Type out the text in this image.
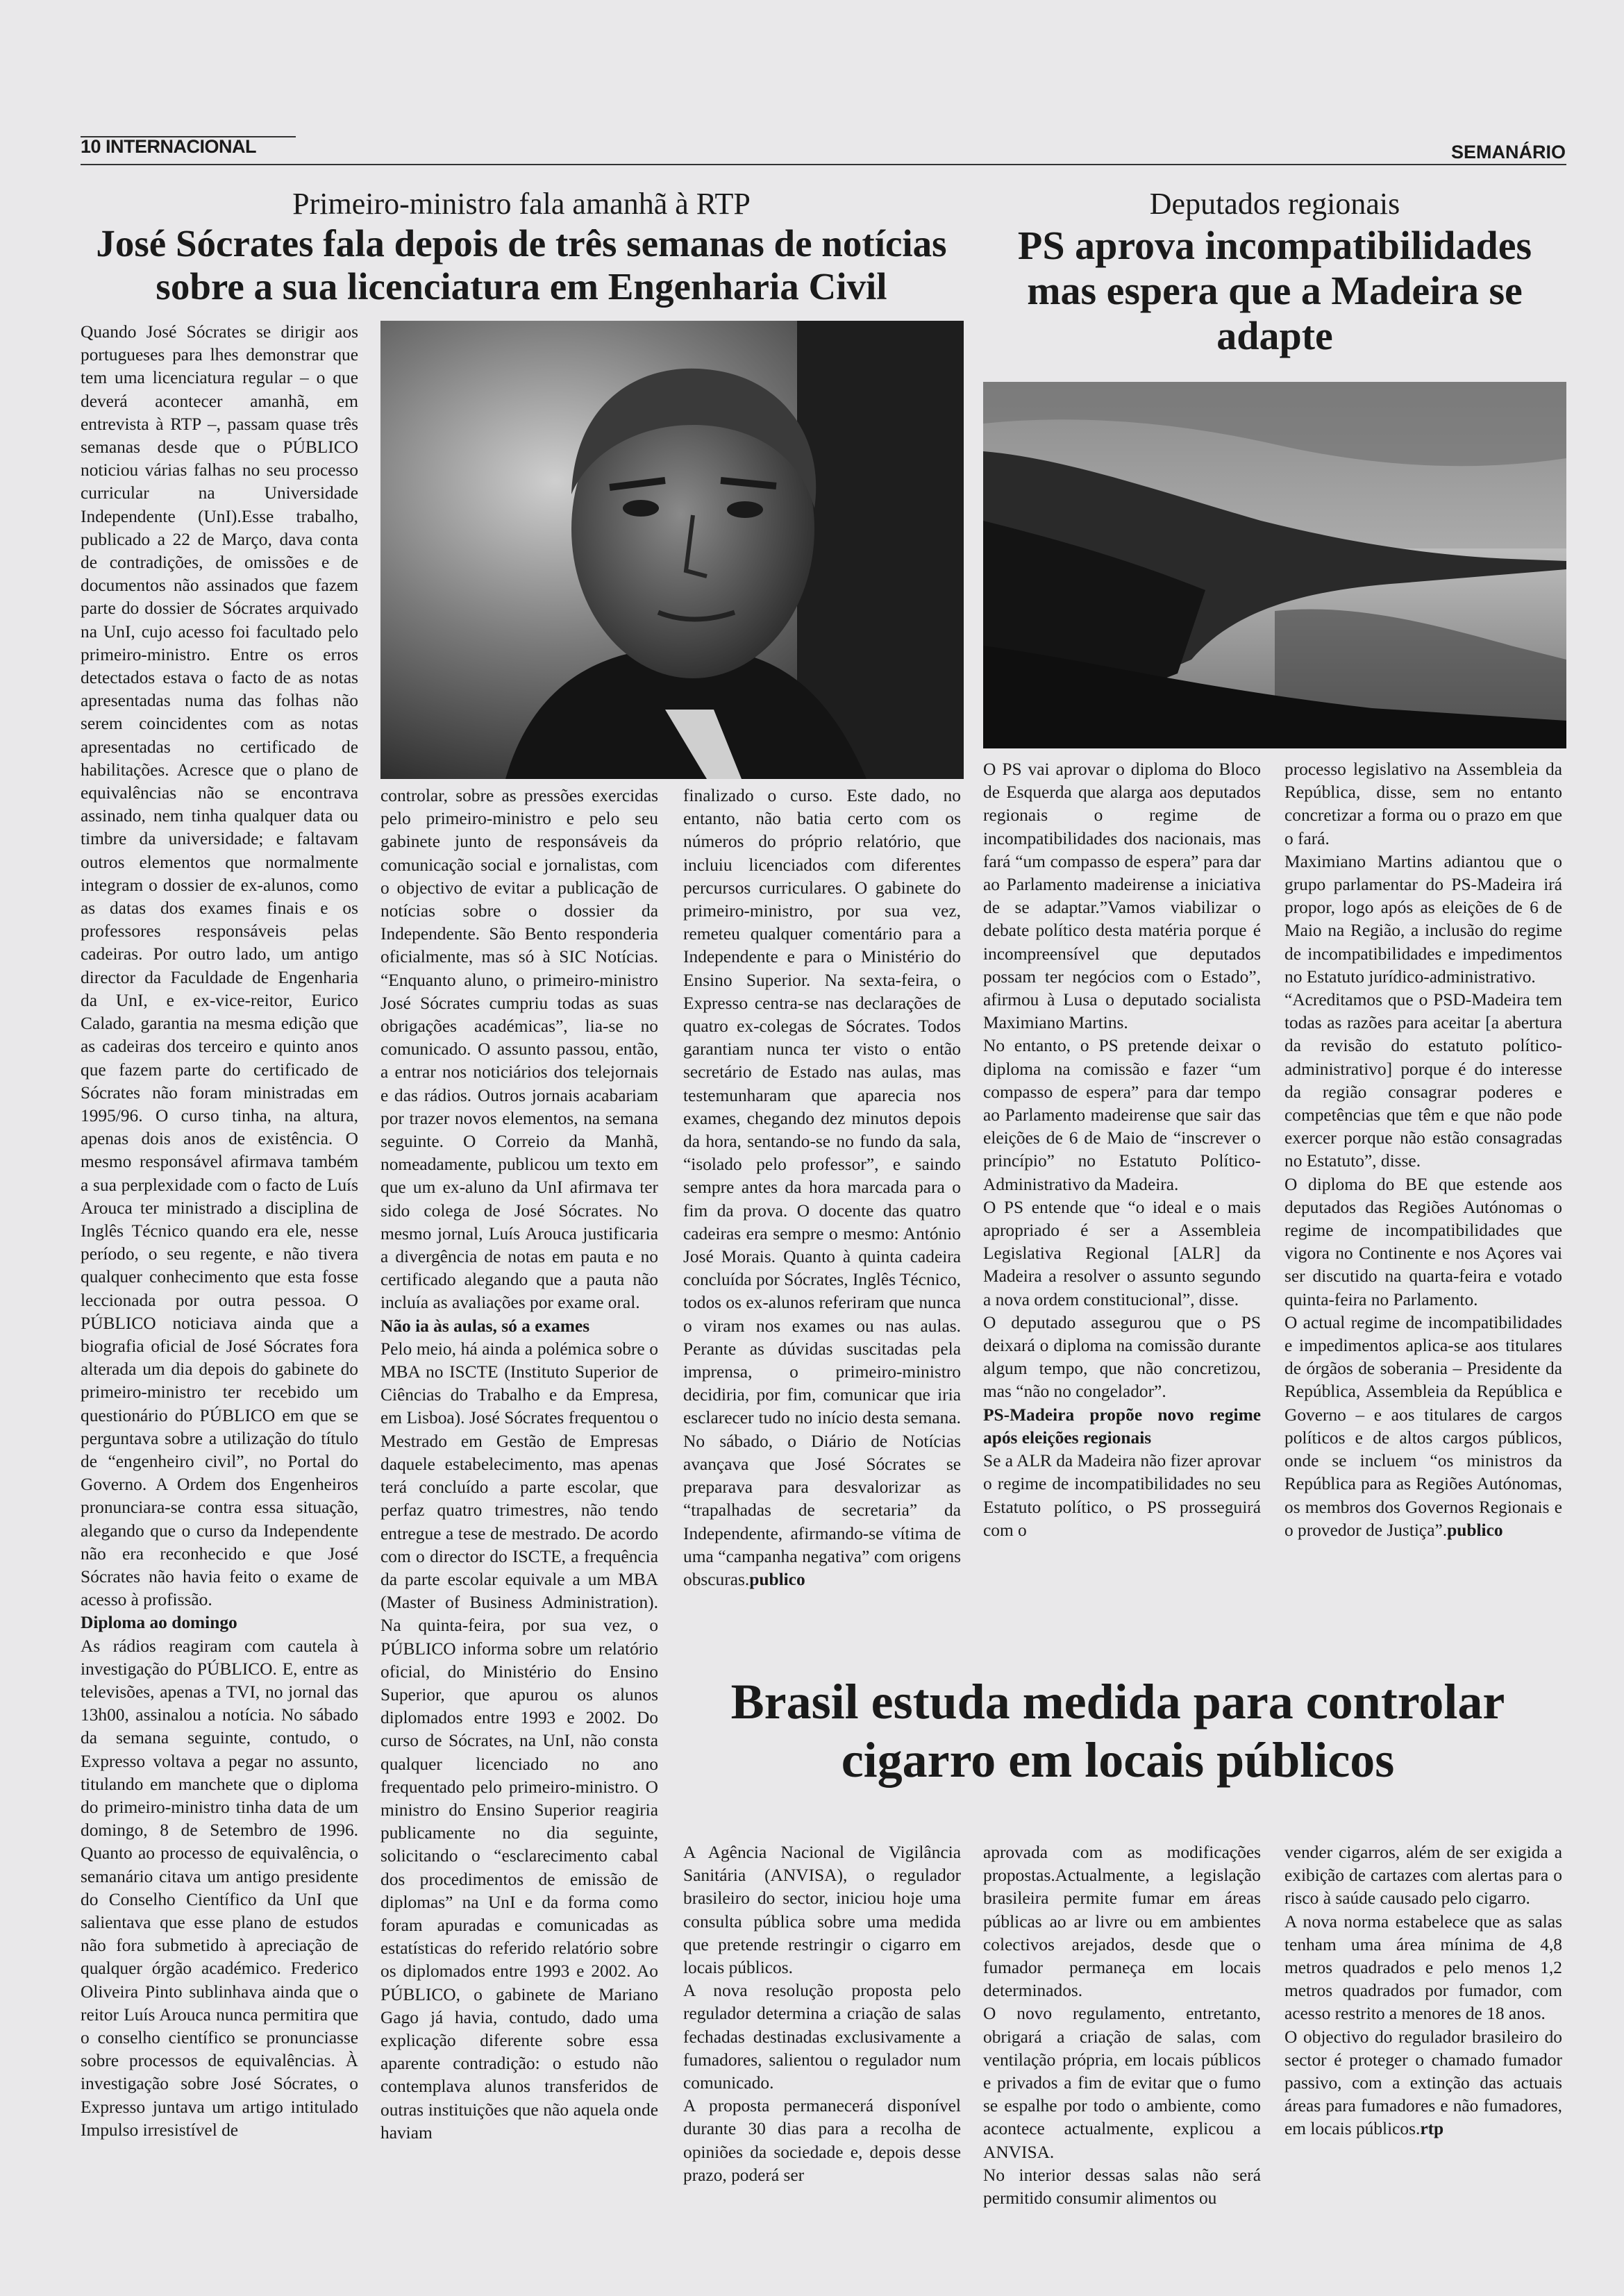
10 INTERNACIONAL	SEMANÁRIO
Primeiro-ministro fala amanhã à RTP
José Sócrates fala depois de três semanas de notícias sobre a sua licenciatura em Engenharia Civil

Quando José Sócrates se dirigir aos portugueses para lhes demonstrar que tem uma licenciatura regular – o que deverá acontecer amanhã, em entrevista à RTP –, passam quase três semanas desde que o PÚBLICO noticiou várias falhas no seu processo curricular na Universidade Independente (UnI).Esse trabalho, publicado a 22 de Março, dava conta de contradições, de omissões e de documentos não assinados que fazem parte do dossier de Sócrates arquivado na UnI, cujo acesso foi facultado pelo primeiro-ministro. Entre os erros detectados estava o facto de as notas apresentadas numa das folhas não serem coincidentes com as notas apresentadas no certificado de habilitações. Acresce que o plano de equivalências não se encontrava assinado, nem tinha qualquer data ou timbre da universidade; e faltavam outros elementos que normalmente integram o dossier de ex-alunos, como as datas dos exames finais e os professores responsáveis pelas cadeiras. Por outro lado, um antigo director da Faculdade de Engenharia da UnI, e ex-vice-reitor, Eurico Calado, garantia na mesma edição que as cadeiras dos terceiro e quinto anos que fazem parte do certificado de Sócrates não foram ministradas em 1995/96. O curso tinha, na altura, apenas dois anos de existência. O mesmo responsável afirmava também a sua perplexidade com o facto de Luís Arouca ter ministrado a disciplina de Inglês Técnico quando era ele, nesse período, o seu regente, e não tivera qualquer conhecimento que esta fosse leccionada por outra pessoa. O PÚBLICO noticiava ainda que a biografia oficial de José Sócrates fora alterada um dia depois do gabinete do primeiro-ministro ter recebido um questionário do PÚBLICO em que se perguntava sobre a utilização do título de “engenheiro civil”, no Portal do Governo. A Ordem dos Engenheiros pronunciara-se contra essa situação, alegando que o curso da Independente não era reconhecido e que José Sócrates não havia feito o exame de acesso à profissão.

Diploma ao domingo

As rádios reagiram com cautela à investigação do PÚBLICO. E, entre as televisões, apenas a TVI, no jornal das 13h00, assinalou a notícia. No sábado da semana seguinte, contudo, o Expresso voltava a pegar no assunto, titulando em manchete que o diploma do primeiro-ministro tinha data de um domingo, 8 de Setembro de 1996. Quanto ao processo de equivalência, o semanário citava um antigo presidente do Conselho Científico da UnI que salientava que esse plano de estudos não fora submetido à apreciação de qualquer órgão académico. Frederico Oliveira Pinto sublinhava ainda que o reitor Luís Arouca nunca permitira que o conselho científico se pronunciasse sobre processos de equivalências. À investigação sobre José Sócrates, o Expresso juntava um artigo intitulado Impulso irresistível de

controlar, sobre as pressões exercidas pelo primeiro-ministro e pelo seu gabinete junto de responsáveis da comunicação social e jornalistas, com o objectivo de evitar a publicação de notícias sobre o dossier da Independente. São Bento responderia oficialmente, mas só à SIC Notícias. “Enquanto aluno, o primeiro-ministro José Sócrates cumpriu todas as suas obrigações académicas”, lia-se no comunicado. O assunto passou, então, a entrar nos noticiários dos telejornais e das rádios. Outros jornais acabariam por trazer novos elementos, na semana seguinte. O Correio da Manhã, nomeadamente, publicou um texto em que um ex-aluno da UnI afirmava ter sido colega de José Sócrates. No mesmo jornal, Luís Arouca justificaria a divergência de notas em pauta e no certificado alegando que a pauta não incluía as avaliações por exame oral.

Não ia às aulas, só a exames

Pelo meio, há ainda a polémica sobre o MBA no ISCTE (Instituto Superior de Ciências do Trabalho e da Empresa, em Lisboa). José Sócrates frequentou o Mestrado em Gestão de Empresas daquele estabelecimento, mas apenas terá concluído a parte escolar, que perfaz quatro trimestres, não tendo entregue a tese de mestrado. De acordo com o director do ISCTE, a frequência da parte escolar equivale a um MBA (Master of Business Administration). Na quinta-feira, por sua vez, o PÚBLICO informa sobre um relatório oficial, do Ministério do Ensino Superior, que apurou os alunos diplomados entre 1993 e 2002. Do curso de Sócrates, na UnI, não consta qualquer licenciado no ano frequentado pelo primeiro-ministro. O ministro do Ensino Superior reagiria publicamente no dia seguinte, solicitando o “esclarecimento cabal dos procedimentos de emissão de diplomas” na UnI e da forma como foram apuradas e comunicadas as estatísticas do referido relatório sobre os diplomados entre 1993 e 2002. Ao PÚBLICO, o gabinete de Mariano Gago já havia, contudo, dado uma explicação diferente sobre essa aparente contradição: o estudo não contemplava alunos transferidos de outras instituições que não aquela onde haviam

finalizado o curso. Este dado, no entanto, não batia certo com os números do próprio relatório, que incluiu licenciados com diferentes percursos curriculares. O gabinete do primeiro-ministro, por sua vez, remeteu qualquer comentário para a Independente e para o Ministério do Ensino Superior. Na sexta-feira, o Expresso centra-se nas declarações de quatro ex-colegas de Sócrates. Todos garantiam nunca ter visto o então secretário de Estado nas aulas, mas testemunharam que aparecia nos exames, chegando dez minutos depois da hora, sentando-se no fundo da sala, “isolado pelo professor”, e saindo sempre antes da hora marcada para o fim da prova. O docente das quatro cadeiras era sempre o mesmo: António José Morais. Quanto à quinta cadeira concluída por Sócrates, Inglês Técnico, todos os ex-alunos referiram que nunca o viram nos exames ou nas aulas. Perante as dúvidas suscitadas pela imprensa, o primeiro-ministro decidiria, por fim, comunicar que iria esclarecer tudo no início desta semana. No sábado, o Diário de Notícias avançava que José Sócrates se preparava para desvalorizar as “trapalhadas de secretaria” da Independente, afirmando-se vítima de uma “campanha negativa” com origens obscuras.publico

Deputados regionais
PS aprova incompatibilidades mas espera que a Madeira se adapte

O PS vai aprovar o diploma do Bloco de Esquerda que alarga aos deputados regionais o regime de incompatibilidades dos nacionais, mas fará “um compasso de espera” para dar ao Parlamento madeirense a iniciativa de se adaptar.”Vamos viabilizar o debate político desta matéria porque é incompreensível que deputados possam ter negócios com o Estado”, afirmou à Lusa o deputado socialista Maximiano Martins.

No entanto, o PS pretende deixar o diploma na comissão e fazer “um compasso de espera” para dar tempo ao Parlamento madeirense que sair das eleições de 6 de Maio de “inscrever o princípio” no Estatuto Político-Administrativo da Madeira.

O PS entende que “o ideal e o mais apropriado é ser a Assembleia Legislativa Regional [ALR] da Madeira a resolver o assunto segundo a nova ordem constitucional”, disse.

O deputado assegurou que o PS deixará o diploma na comissão durante algum tempo, que não concretizou, mas “não no congelador”.

PS-Madeira propõe novo regime após eleições regionais

Se a ALR da Madeira não fizer aprovar o regime de incompatibilidades no seu Estatuto político, o PS prosseguirá com o

processo legislativo na Assembleia da República, disse, sem no entanto concretizar a forma ou o prazo em que o fará.

Maximiano Martins adiantou que o grupo parlamentar do PS-Madeira irá propor, logo após as eleições de 6 de Maio na Região, a inclusão do regime de incompatibilidades e impedimentos no Estatuto jurídico-administrativo.

“Acreditamos que o PSD-Madeira tem todas as razões para aceitar [a abertura da revisão do estatuto político-administrativo] porque é do interesse da região consagrar poderes e competências que têm e que não pode exercer porque não estão consagradas no Estatuto”, disse.

O diploma do BE que estende aos deputados das Regiões Autónomas o regime de incompatibilidades que vigora no Continente e nos Açores vai ser discutido na quarta-feira e votado quinta-feira no Parlamento.

O actual regime de incompatibilidades e impedimentos aplica-se aos titulares de órgãos de soberania – Presidente da República, Assembleia da República e Governo – e aos titulares de cargos políticos e de altos cargos públicos, onde se incluem “os ministros da República para as Regiões Autónomas, os membros dos Governos Regionais e o provedor de Justiça”.publico

Brasil estuda medida para controlar cigarro em locais públicos

A Agência Nacional de Vigilância Sanitária (ANVISA), o regulador brasileiro do sector, iniciou hoje uma consulta pública sobre uma medida que pretende restringir o cigarro em locais públicos.

A nova resolução proposta pelo regulador determina a criação de salas fechadas destinadas exclusivamente a fumadores, salientou o regulador num comunicado.

A proposta permanecerá disponível durante 30 dias para a recolha de opiniões da sociedade e, depois desse prazo, poderá ser

aprovada com as modificações propostas.Actualmente, a legislação brasileira permite fumar em áreas públicas ao ar livre ou em ambientes colectivos arejados, desde que o fumador permaneça em locais determinados.

O novo regulamento, entretanto, obrigará a criação de salas, com ventilação própria, em locais públicos e privados a fim de evitar que o fumo se espalhe por todo o ambiente, como acontece actualmente, explicou a ANVISA.

No interior dessas salas não será permitido consumir alimentos ou

vender cigarros, além de ser exigida a exibição de cartazes com alertas para o risco à saúde causado pelo cigarro.

A nova norma estabelece que as salas tenham uma área mínima de 4,8 metros quadrados e pelo menos 1,2 metros quadrados por fumador, com acesso restrito a menores de 18 anos.

O objectivo do regulador brasileiro do sector é proteger o chamado fumador passivo, com a extinção das actuais áreas para fumadores e não fumadores, em locais públicos.rtp
